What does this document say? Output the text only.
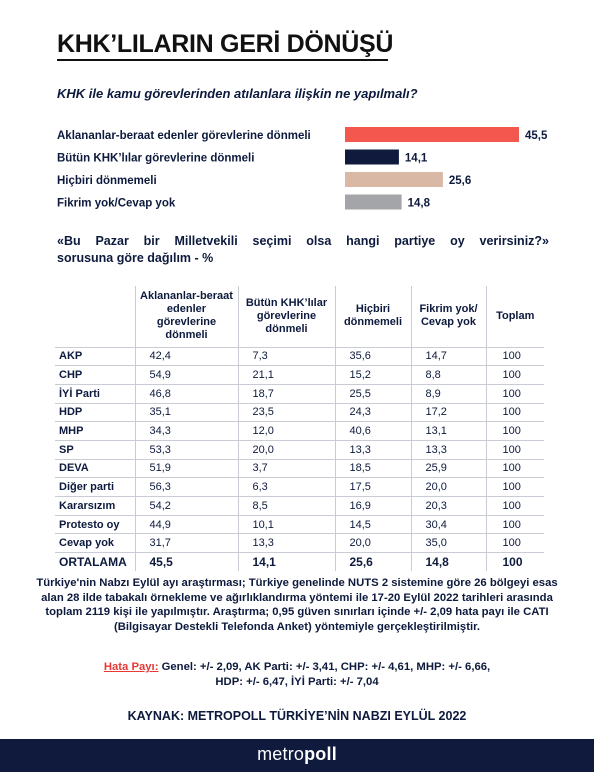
KHK’LILARIN GERİ DÖNÜŞÜ
KHK ile kamu görevlerinden atılanlara ilişkin ne yapılmalı?
Aklananlar-beraat edenler görevlerine dönmeli	45,5
Bütün KHK’lılar görevlerine dönmeli	14,1
Hiçbiri dönmemeli	25,6
Fikrim yok/Cevap yok	14,8
«Bu Pazar bir Milletvekili seçimi olsa hangi partiye oy verirsiniz?»
sorusuna göre dağılım - %
	Aklananlar-beraat edenler görevlerine dönmeli	Bütün KHK’lılar görevlerine dönmeli	Hiçbiri dönmemeli	Fikrim yok/ Cevap yok	Toplam
AKP	42,4	7,3	35,6	14,7	100
CHP	54,9	21,1	15,2	8,8	100
İYİ Parti	46,8	18,7	25,5	8,9	100
HDP	35,1	23,5	24,3	17,2	100
MHP	34,3	12,0	40,6	13,1	100
SP	53,3	20,0	13,3	13,3	100
DEVA	51,9	3,7	18,5	25,9	100
Diğer parti	56,3	6,3	17,5	20,0	100
Kararsızım	54,2	8,5	16,9	20,3	100
Protesto oy	44,9	10,1	14,5	30,4	100
Cevap yok	31,7	13,3	20,0	35,0	100
ORTALAMA	45,5	14,1	25,6	14,8	100
Türkiye'nin Nabzı Eylül ayı araştırması; Türkiye genelinde NUTS 2 sistemine göre 26 bölgeyi esas alan 28 ilde tabakalı örnekleme ve ağırlıklandırma yöntemi ile 17-20 Eylül 2022 tarihleri arasında toplam 2119 kişi ile yapılmıştır. Araştırma; 0,95 güven sınırları içinde +/- 2,09 hata payı ile CATI (Bilgisayar Destekli Telefonda Anket) yöntemiyle gerçekleştirilmiştir.
Hata Payı: Genel: +/- 2,09, AK Parti: +/- 3,41, CHP: +/- 4,61, MHP: +/- 6,66,
HDP: +/- 6,47, İYİ Parti: +/- 7,04
KAYNAK: METROPOLL TÜRKİYE’NİN NABZI EYLÜL 2022
metropoll
